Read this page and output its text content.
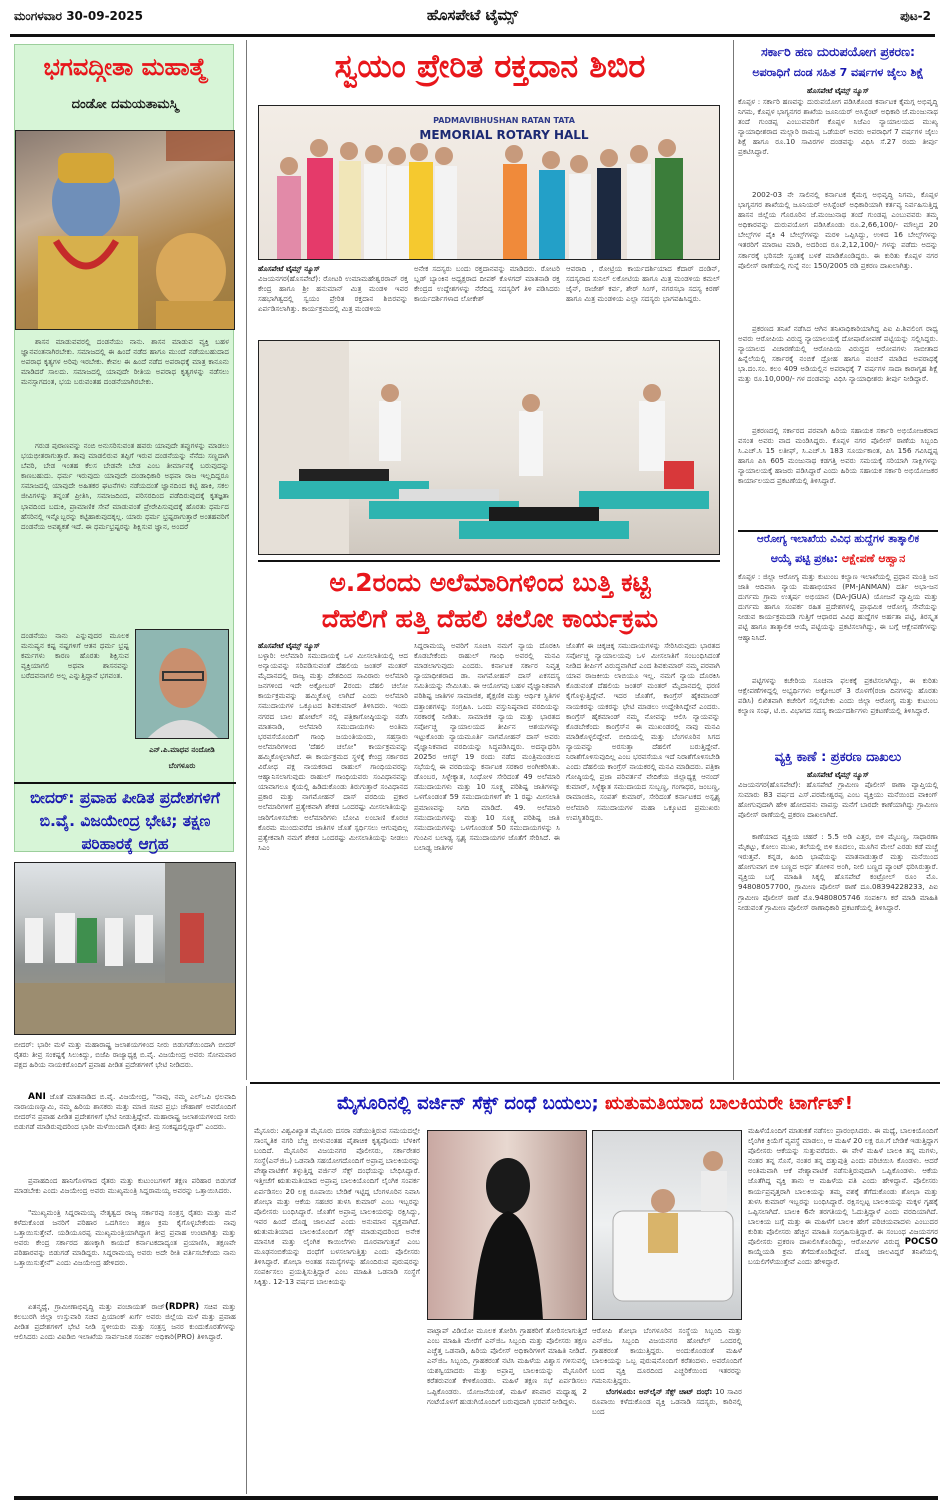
ಮಂಗಳವಾರ 30-09-2025	ಹೊಸಪೇಟೆ ಟೈಮ್ಸ್	ಪುಟ-2
ಭಗವದ್ಗೀತಾ ಮಹಾತ್ಮೆ
ದಂಡೋ ದಮಯತಾಮಸ್ಮಿ

ಶಾಸನ ಮಾಡುವವರಲ್ಲಿ ದಂಡನೆಯು ನಾನು. ಶಾಸನ ಮಾಡುವ ವ್ಯಕ್ತಿ ಬಹಳ ಜ್ಞಾನವಂತನಾಗಿರಬೇಕು. ಸಮಾಜದಲ್ಲಿ ಈ ಹಿಂದೆ ನಡೆದ ಹಾಗೂ ಮುಂದೆ ನಡೆಯಬಹುದಾದ ಅಪರಾಧ ಕೃತ್ಯಗಳ ಅರಿವು ಇರಬೇಕು. ಕೇವಲ ಈ ಹಿಂದೆ ನಡೆದ ಅಪರಾಧಕ್ಕೆ ಮಾತ್ರ ಕಾನೂನು ಮಾಡಿದರೆ ಸಾಲದು. ಸಮಾಜದಲ್ಲಿ ಯಾವುದೇ ರೀತಿಯ ಅಪರಾಧ ಕೃತ್ಯಗಳನ್ನು ನಡೆಸಲು ಮನಸ್ಸಾಗದಂತ, ಭಯ ಬರುವಂತಹ ದಂಡನೆಯಾಗಿರಬೇಕು.

ಗರುಡ ಪುರಾಣವನ್ನು ನಂಬಿ ಅನುಸರಿಸುವಂತ ಹವರು ಯಾವುದೇ ತಪ್ಪುಗಳನ್ನು ಮಾಡಲು ಭಯಭೀತರಾಗುತ್ತಾರೆ. ತಾವು ಮಾಡಲಿರುವ ತಪ್ಪಿಗೆ ಇರುವ ದಂಡನೆಯನ್ನು ನೆನೆದು ಸಣ್ಣದಾಗಿ ಬೆವರಿ, ಬೇಡ ಇಂತಹ ಕೆಲಸ ಬೇಡವೇ ಬೇಡ ಎಂಬ ತೀರ್ಮಾನಕ್ಕೆ ಬರುವುದನ್ನು ಕಾಣಬಹುದು. ಧರ್ಮ ಇರುವುದು ಯಾವುದೇ ದಂಡಾಧಿಕಾರಿ ಅಥವಾ ರಾಜ ಇಲ್ಲದಿದ್ದರೂ ಸಮಾಜದಲ್ಲಿ ಯಾವುದೇ ಅಹಿತಕರ ಘಟನೆಗಳು ನಡೆಯದಂತೆ ಜ್ಞಾನದಿಂದ ಕಟ್ಟಿ ಹಾಕಿ, ಸಕಲ ಜೀವಿಗಳನ್ನು ತನ್ನಂತೆ ಪ್ರೀತಿಸಿ, ಸಮಾಜದಿಂದ, ಪರಿಸರದಿಂದ ಪಡೆದಿರುವುದಕ್ಕೆ ಕೃತಜ್ಞತಾ ಭಾವದಿಂದ ಬದುಕಿ, ಪ್ರಾಮಾಣಿಕ ಸೇವೆ ಮಾಡುವಂತೆ ಪ್ರೇರೇಪಿಸುವುದಕ್ಕೆ ಹೊರತು ಧರ್ಮದ ಹೆಸರಿನಲ್ಲಿ ಇನ್ನೊಬ್ಬರನ್ನು ಕಟ್ಟಿಹಾಕುವುದಕ್ಕಲ್ಲ. ಯಾರು ಧರ್ಮ ಭ್ರಷ್ಟರಾಗುತ್ತಾರೆ ಅಂತಹವರಿಗೆ ದಂಡನೆಯ ಅವಶ್ಯಕತೆ ಇದೆ. ಈ ಧರ್ಮಭ್ರಷ್ಟರನ್ನು ಶಿಕ್ಷಿಸುವ ಜ್ಞಾನ, ಅಂದರೆ

ದಂಡನೆಯು ನಾನು ಎನ್ನುವುದರ ಮೂಲಕ ಮನುಷ್ಯನ ಕಷ್ಟ ನಷ್ಟಗಳಿಗೆ ಆತನ ಧರ್ಮ ಭ್ರಷ್ಟ ಕರ್ಮಗಳು ಕಾರಣ ಹೊರತು ಶಿಕ್ಷಿಸುವ ವ್ಯಕ್ತಿಯಾಗಲಿ ಅಥವಾ ಶಾಸನವನ್ನು ಬರೆದವನಾಗಲಿ ಅಲ್ಲ ಎನ್ನುತ್ತಿದ್ದಾನೆ ಭಗವಂತ.

ಎನ್.ಪಿ.ಮಾಧವ ನಂದೋಡಿ
ಬೆಂಗಳೂರು
ಬೀದರ್: ಪ್ರವಾಹ ಪೀಡಿತ ಪ್ರದೇಶಗಳಿಗೆ ಬಿ.ವೈ. ವಿಜಯೇಂದ್ರ ಭೇಟಿ; ತಕ್ಷಣ ಪರಿಹಾರಕ್ಕೆ ಆಗ್ರಹ

ಬೀದರ್: ಭಾರೀ ಮಳೆ ಮತ್ತು ಮಹಾರಾಷ್ಟ್ರ ಜಲಾಶಯಗಳಿಂದ ನೀರು ಬಿಡುಗಡೆಯಿಂದಾಗಿ ಬೀದರ್ ರೈತರು ತೀವ್ರ ಸಂಕಷ್ಟಕ್ಕೆ ಸಿಲುಕಿದ್ದು, ಬಿಜೆಪಿ ರಾಜ್ಯಾಧ್ಯಕ್ಷ ಬಿ.ವೈ. ವಿಜಯೇಂದ್ರ ಅವರು ಸೋಮವಾರ ಪಕ್ಷದ ಹಿರಿಯ ನಾಯಕರೊಂದಿಗೆ ಪ್ರವಾಹ ಪೀಡಿತ ಪ್ರದೇಶಗಳಿಗೆ ಭೇಟಿ ನೀಡಿದರು.

ANI ಜೊತೆ ಮಾತನಾಡಿದ ಬಿ.ವೈ. ವಿಜಯೇಂದ್ರ, "ನಾವು, ನಮ್ಮ ಎಲ್‌ಒಪಿ ಛಲವಾದಿ ನಾರಾಯಣಸ್ವಾಮಿ, ನಮ್ಮ ಹಿರಿಯ ಶಾಸಕರು ಮತ್ತು ಮಾಜಿ ಸಚಿವ ಪ್ರಭು ಚೌಹಾಣ್ ಅವರೊಂದಿಗೆ ಬೀದರ್‌ನ ಪ್ರವಾಹ ಪೀಡಿತ ಪ್ರದೇಶಗಳಿಗೆ ಭೇಟಿ ನೀಡುತ್ತಿದ್ದೇವೆ. ಮಹಾರಾಷ್ಟ್ರ ಜಲಾಶಯಗಳಿಂದ ನೀರು ಬಿಡುಗಡೆ ಮಾಡಿರುವುದರಿಂದ ಭಾರೀ ಮಳೆಯಿಂದಾಗಿ ರೈತರು ತೀವ್ರ ಸಂಕಷ್ಟದಲ್ಲಿದ್ದಾರೆ" ಎಂದರು.

ಪ್ರವಾಹದಿಂದ ಹಾನಿಗೊಳಗಾದ ರೈತರು ಮತ್ತು ಕುಟುಂಬಗಳಿಗೆ ತಕ್ಷಣ ಪರಿಹಾರ ಬಿಡುಗಡೆ ಮಾಡಬೇಕು ಎಂದು ವಿಜಯೇಂದ್ರ ಅವರು ಮುಖ್ಯಮಂತ್ರಿ ಸಿದ್ದರಾಮಯ್ಯ ಅವರನ್ನು ಒತ್ತಾಯಿಸಿದರು.

"ಮುಖ್ಯಮಂತ್ರಿ ಸಿದ್ದರಾಮಯ್ಯ ನೇತೃತ್ವದ ರಾಜ್ಯ ಸರ್ಕಾರವು ಸಂತ್ರಸ್ತ ರೈತರು ಮತ್ತು ಮನೆ ಕಳೆದುಕೊಂಡ ಜನರಿಗೆ ಪರಿಹಾರ ಒದಗಿಸಲು ತಕ್ಷಣ ಕ್ರಮ ಕೈಗೊಳ್ಳಬೇಕೆಂದು ನಾವು ಒತ್ತಾಯಿಸುತ್ತೇವೆ. ಯಡಿಯೂರಪ್ಪ ಮುಖ್ಯಮಂತ್ರಿಯಾಗಿದ್ದಾಗ ತೀವ್ರ ಪ್ರವಾಹ ಉಂಟಾಗಿತ್ತು ಮತ್ತು ಅವರು ಕೇಂದ್ರ ಸರ್ಕಾರದ ಹಣಕ್ಕಾಗಿ ಕಾಯದೆ ಕರ್ನಾಟಕದಾದ್ಯಂತ ಪ್ರಯಾಣಿಸಿ, ತಕ್ಷಣವೇ ಪರಿಹಾರವನ್ನು ಬಿಡುಗಡೆ ಮಾಡಿದ್ದರು. ಸಿದ್ದರಾಮಯ್ಯ ಅವರು ಅದೇ ರೀತಿ ವರ್ತಿಸಬೇಕೆಂದು ನಾನು ಒತ್ತಾಯಿಸುತ್ತೇನೆ" ಎಂದು ವಿಜಯೇಂದ್ರ ಹೇಳಿದರು.

ಏತನ್ಮಧ್ಯೆ, ಗ್ರಾಮೀಣಾಭಿವೃದ್ಧಿ ಮತ್ತು ಪಂಚಾಯತ್ ರಾಜ್(RDPR) ಸಚಿವ ಮತ್ತು ಕಲಬುರಗಿ ಜಿಲ್ಲಾ ಉಸ್ತುವಾರಿ ಸಚಿವ ಪ್ರಿಯಾಂಕ್ ಖರ್ಗೆ ಅವರು ಜಿಲ್ಲೆಯ ಮಳೆ ಮತ್ತು ಪ್ರವಾಹ ಪೀಡಿತ ಪ್ರದೇಶಗಳಿಗೆ ಭೇಟಿ ನೀಡಿ ಸ್ಥಳೀಯರು ಮತ್ತು ಸಂತ್ರಸ್ತ ಜನರ ಕುಂದುಕೊರತೆಗಳನ್ನು ಆಲಿಸಿದರು ಎಂದು ವಿಐಡಿಬಿ ಇಲಾಖೆಯ ಸಾರ್ವಜನಿಕ ಸಂಪರ್ಕ ಅಧಿಕಾರಿ(PRO) ತಿಳಿಸಿದ್ದಾರೆ.

ಸ್ವಯಂ ಪ್ರೇರಿತ ರಕ್ತದಾನ ಶಿಬಿರ
PADMAVIBHUSHAN RATAN TATA
MEMORIAL ROTARY HALL
ಹೊಸಪೇಟೆ ಟೈಮ್ಸ್ ನ್ಯೂಸ್

ವಿಜಯನಗರ(ಹೊಸಪೇಟೆ): ರೋಟರಿ ಉಮಾಮಹೇಶ್ವರರಾವ್ ರಕ್ತ ಕೇಂದ್ರ ಹಾಗೂ ಶ್ರೀ ಹನುಮಾನ್ ಮಿತ್ರ ಮಂಡಳಿ ಇವರ ಸಹಭಾಗಿತ್ವದಲ್ಲಿ ಸ್ವಯಂ ಪ್ರೇರಿತ ರಕ್ತದಾನ ಶಿಬಿರವನ್ನು ಏರ್ಪಡಿಸಲಾಗಿತ್ತು. ಕಾರ್ಯಕ್ರಮದಲ್ಲಿ ಮಿತ್ರ ಮಂಡಳಿಯ

ಅನೇಕ ಸದಸ್ಯರು ಬಂದು ರಕ್ತದಾನವನ್ನು ಮಾಡಿದರು. ರೋಟರಿ ಬ್ಲಡ್ ಬ್ಯಾಂಕಿನ ಅಧ್ಯಕ್ಷರಾದ ದೀಪಕ್ ಕೊಳಗದ್ ಮಾತನಾಡಿ ರಕ್ತ ಕೇಂದ್ರದ ಉದ್ದೇಶಗಳನ್ನು ನೆರೆದಿದ್ದ ಸದಸ್ಯರಿಗೆ ತಿಳಿ ಪಡಿಸಿದರು ಕಾರ್ಯದರ್ಶಿಗಳಾದ ಲೋಕೇಶ್

ಆವರಾದಿ , ರೋಟ್ರಿಯ ಕಾರ್ಯದರ್ಶಿಯಾದ ಕೆದಾರ್ ದಂಡಿನ್, ಸದಸ್ಯರಾದ ಸುನಿಲ್ ಲಕೋಟಿಯ ಹಾಗೂ ಮಿತ್ರ ಮಂಡಳಿಯ ಕಮಲ್ ಜೈನ್, ರಾಜೇಶ್ ಕರ್ವ, ಶೇರ್ ಸಿಂಗ್, ನಗರಸಭಾ ಸದಸ್ಯ ಕಿರಣ್ ಹಾಗೂ ಮಿತ್ರ ಮಂಡಳಿಯ ಎಲ್ಲಾ ಸದಸ್ಯರು ಭಾಗವಹಿಸಿದ್ದರು.

ಅ.2ರಂದು ಅಲೆಮಾರಿಗಳಿಂದ ಬುತ್ತಿ ಕಟ್ಟಿ
ದೆಹಲಿಗೆ ಹತ್ತಿ ದೆಹಲಿ ಚಲೋ ಕಾರ್ಯಕ್ರಮ
ಹೊಸಪೇಟೆ ಟೈಮ್ಸ್ ನ್ಯೂಸ್

ಬಳ್ಳಾರಿ: ಅಲೆಮಾರಿ ಸಮುದಾಯಕ್ಕೆ ಒಳ ಮೀಸಲಾತಿಯಲ್ಲಿ ಆದ ಅನ್ಯಾಯವನ್ನು ಸರಿಪಡಿಸುವಂತೆ ದೆಹಲಿಯ ಜಂತರ್ ಮಂತರ್ ಮೈದಾನದಲ್ಲಿ ರಾಜ್ಯ ಮತ್ತು ದೇಶದಿಂದ ಸಾವಿರಾರು ಅಲೆಮಾರಿ ಜನಗಳಿಂದ ಇದೇ ಅಕ್ಟೋಬರ್ 2ರಂದು ದೆಹಲಿ ಚಲೋ ಕಾರ್ಯಕ್ರಮವನ್ನು ಹಮ್ಮಿಕೊಳ್ಳ ಲಾಗಿದೆ ಎಂದು ಅಲೆಮಾರಿ ಸಮುದಾಯಗಳ ಒಕ್ಕೂಟದ ಶಿವಕುಮಾರ್ ತಿಳಿಸಿದರು. ಇಂದು ನಗರದ ಬಾಲ ಹೋಟೆಲ್ ನಲ್ಲಿ ಪತ್ರಿಕಾಗೋಷ್ಠಿಯನ್ನು ನಡೆಸಿ ಮಾತನಾಡಿ, ಅಲೆಮಾರಿ ಸಮುದಾಯಗಳು ಅಂತಿಮ ಭರವಸೆಯೊಂದಿಗೆ' ಗಾಂಧಿ ಜಯಂತಿಯಂದು, ಸಹಸ್ರಾರು ಅಲೆಮಾರಿಗಳಿಂದ 'ದೆಹಲಿ ಚಲೋ" ಕಾರ್ಯಕ್ರಮವನ್ನು ಹಮ್ಮಿಕೊಳ್ಳಲಾಗಿದೆ. ಈ ಕಾರ್ಯಕ್ರಮದ ಸ್ಥಳಕ್ಕೆ ಕೇಂದ್ರ ಸರ್ಕಾರದ ವಿರೋಧ ಪಕ್ಷ ನಾಯಕರಾದ ರಾಹುಲ್ ಗಾಂಧಿಯವರನ್ನು ಆಹ್ವಾನಿಸಲಾಗುವುದು ರಾಹುಲ್ ಗಾಂಧಿಯವರು ಸಂವಿಧಾನವನ್ನು ಯಾವಾಗಲೂ ಕೈಯಲ್ಲಿ ಹಿಡಿದುಕೊಂಡು ತಿರುಗುತ್ತಾರೆ ಸಂವಿಧಾನದ ಪ್ರಕಾರ ಮತ್ತು ನಾಗಮೋಹನ್ ದಾಸ್ ವರದಿಯ ಪ್ರಕಾರ ಅಲೆಮಾರಿಗಳಿಗೆ ಪ್ರತ್ಯೇಕವಾಗಿ ಶೇಕಡ ಒಂದರಷ್ಟು ಮೀಸಲಾತಿಯನ್ನು ಜಾರಿಗೊಳಿಸಬೇಕು ಅಲೆಮಾರಿಗಳು ಬೋವಿ ಲಂಬಾಣಿ ಕೊರಚ ಕೊರಮ ಮುಂದುವರೆದ ಜಾತಿಗಳ ಜೊತೆ ಸ್ಪರ್ಧಿಸಲು ಆಗುವುದಿಲ್ಲ ಪ್ರತ್ಯೇಕವಾಗಿ ನಮಗೆ ಶೇಕಡ ಒಂದರಷ್ಟು ಮೀಸಲಾತಿಯನ್ನು ನೀಡಲು ಸಿಎಂ

ಸಿದ್ದರಾಮಯ್ಯ ಅವರಿಗೆ ಸೂಚಿಸಿ ನಮಗೆ ನ್ಯಾಯ ದೊರಕಿಸಿ ಕೊಡಬೇಕೆಂದು ರಾಹುಲ್ ಗಾಂಧಿ ಅವರಲ್ಲಿ ಮನವಿ ಮಾಡಲಾಗುವುದು ಎಂದರು. ಕರ್ನಾಟಕ ಸರ್ಕಾರ ನಿವೃತ್ತ ನ್ಯಾಯಾಧೀಶರಾದ ಡಾ. ನಾಗಮೋಹನ್ ದಾಸ್ ಏಕಸದಸ್ಯ ಸಮಿತಿಯನ್ನು ನೇಮಿಸಿತು. ಈ ಆಯೋಗವು ಬಹಳ ವೈಜ್ಞಾನಿಕವಾಗಿ ಪರಿಶಿಷ್ಟ ಜಾತಿಗಳ ಸಾಮಾಜಿಕ, ಶೈಕ್ಷಣಿಕ ಮತ್ತು ಆರ್ಥಿಕ ಸ್ಥಿತಿಗಳ ದತ್ತಾಂಶಗಳನ್ನು ಸಂಗ್ರಹಿಸಿ. ಒಂದು ವಸ್ತುನಿಷ್ಠವಾದ ವರದಿಯನ್ನು ಸರಕಾರಕ್ಕೆ ನೀಡಿತು. ಸಾಮಾಜಿಕ ನ್ಯಾಯ ಮತ್ತು ಭಾರತದ ಸರ್ವೋಚ್ಚ ನ್ಯಾಯಾಲಯದ ತೀರ್ಪಿನ ಆಶಯಗಳನ್ನು ಇಟ್ಟುಕೊಂಡು ನ್ಯಾಯಮೂರ್ತಿ ನಾಗಮೋಹನ್ ದಾಸ್ ಅವರು ವೈಜ್ಞಾನಿಕವಾದ ವರದಿಯನ್ನು ಸಿದ್ಧಪಡಿಸಿದ್ದರು. ಅದನ್ನಾಧರಿಸಿ 2025ರ ಆಗಸ್ಟ್ 19 ರಂದು ನಡೆದ ಮಂತ್ರಿಮಂಡಲದ ಸಭೆಯಲ್ಲಿ ಈ ವರದಿಯನ್ನು ಕರ್ನಾಟಕ ಸರಕಾರ ಅಂಗೀಕರಿಸಿತು. ಡೊಂಬರ, ಸಿಳ್ಳೇಕ್ಯಾತ, ಸಿಂಧೋಳ ಸೇರಿದಂತೆ 49 ಅಲೆಮಾರಿ ಸಮುದಾಯಗಳು ಮತ್ತು 10 ಸೂಕ್ಷ್ಮ ಪರಿಶಿಷ್ಟ ಜಾತಿಗಳನ್ನು ಒಳಗೊಂಡಂತೆ 59 ಸಮುದಾಯಗಳಿಗೆ ಶೇ 1 ರಷ್ಟು ಮೀಸಲಾತಿ ಪ್ರಮಾಣವನ್ನು ನಿಗದಿ ಮಾಡಿದೆ. 49. ಅಲೆಮಾರಿ ಸಮುದಾಯಗಳನ್ನು ಮತ್ತು 10 ಸೂಕ್ಷ್ಮ ಪರಿಶಿಷ್ಟ ಜಾತಿ ಸಮುದಾಯಗಳನ್ನು ಒಳಗೊಂಡಂತೆ 50 ಸಮುದಾಯಗಳನ್ನು ಸಿ ಗುಂಪಿನ ಬಲಾಢ್ಯ ಸ್ಪೃಶ್ಯ ಸಮುದಾಯಗಳ ಜೊತೆಗೆ ಸೇರಿಸಿದೆ. ಈ ಬಲಾಢ್ಯ ಜಾತಿಗಳ

ಜೊತೆಗೆ ಈ ಚಿಕ್ಕಚಿಕ್ಕ ಸಮುದಾಯಗಳನ್ನು ಸೇರಿಸಿರುವುದು ಭಾರತದ ಸರ್ವೋಚ್ಚ ನ್ಯಾಯಾಲಯವು ಒಳ ಮೀಸಲಾತಿಗೆ ಸಂಬಂಧಿಸಿದಂತೆ ನೀಡಿದ ತೀರ್ಪಿಗೆ ವಿರುದ್ಧವಾಗಿದೆ ಎಂದ ಶಿವಕುಮಾರ್ ನಮ್ಮ ಪರವಾಗಿ ಯಾವ ರಾಜಕೀಯ ಲಾಬಿಯೂ ಇಲ್ಲ. ನಮಗೆ ನ್ಯಾಯ ದೊರಕಿಸಿ ಕೊಡುವಂತೆ ದೆಹಲಿಯ ಜಂತರ್ ಮಂತರ್ ಮೈದಾನದಲ್ಲಿ ಧರಣಿ ಕೈಗೊಳ್ಳುತ್ತಿದ್ದೇವೆ. ಇದರ ಜೊತೆಗೆ, ಕಾಂಗ್ರೆಸ್ ಹೈಕಮಾಂಡ್ ನಾಯಕರನ್ನು ಯಕರನ್ನು ಭೇಟಿ ಮಾಡಲು ಉದ್ದೇಶಿಸಿದ್ದೇವೆ ಎಂದರು. ಕಾಂಗ್ರೆಸ್ ಹೈಕಮಾಂಡ್ ನಮ್ಮ ನೋವನ್ನು ಆಲಿಸಿ ನ್ಯಾಯವನ್ನು ಕೊಡಬೇಕೆಂದು ಕಾಂಗ್ರೆಸ್‌ನ ಈ ಮುಖಂಡರಲ್ಲಿ ನಾವು ಮನವಿ ಮಾಡಿಕೊಳ್ಳಲಿದ್ದೇವೆ. ಬೀದಿಯಲ್ಲಿ ಮತ್ತು ಬೆಂಗಳೂರಿನ ಸಿಗದ ನ್ಯಾಯವನ್ನು ಅರಸುತ್ತಾ ದೆಹಲಿಗೆ ಬರುತ್ತಿದ್ದೇವೆ. ನಿರಾಶೆಗೊಳಿಸುವುದಿಲ್ಲ ಎಂಬ ಭರವಸೆಯೂ ಇದೆ ನಿರಾಶೆಗೊಳಿಸಬೇಡಿ ಎಂದು ದೆಹಲಿಯ ಕಾಂಗ್ರೆಸ್ ನಾಯಕರಲ್ಲಿ ಮನವಿ ಮಾಡಿದರು. ಪತ್ರಿಕಾ ಗೋಷ್ಠಿಯಲ್ಲಿ ಪ್ರಜಾ ಪರಿವರ್ತನೆ ವೇದಿಕೆಯ ಜಿಲ್ಲಾಧ್ಯಕ್ಷ ಆನಂದ್ ಕುಮಾರ್, ಸಿಳ್ಳೆಕ್ಯಾತ ಸಮುದಾಯದ ಸುಬ್ಬಣ್ಣ, ಗಂಗಾಧರ, ಜಂಬಣ್ಣ, ರಾಮಾಂಜಿನಿ, ಸಂಪತ್ ಕುಮಾರ್, ಸೇರಿದಂತೆ ಕರ್ನಾಟಕದ ಅಸ್ಪೃಶ್ಯ ಅಲೆಮಾರಿ ಸಮುದಾಯಗಳ ಮಹಾ ಒಕ್ಕೂಟದ ಪ್ರಮುಖರು ಉಪಸ್ಥಿತರಿದ್ದರು.

ಸರ್ಕಾರಿ ಹಣ ದುರುಪಯೋಗ ಪ್ರಕರಣ:
ಅಪರಾಧಿಗೆ ದಂಡ ಸಹಿತ 7 ವರ್ಷಗಳ ಜೈಲು ಶಿಕ್ಷೆ
ಹೊಸಪೇಟೆ ಟೈಮ್ಸ್ ನ್ಯೂಸ್

ಕೊಪ್ಪಳ : ಸರ್ಕಾರಿ ಹಣವನ್ನು ದುರುಪಯೋಗ ಪಡಿಸಿಕೊಂಡ ಕರ್ನಾಟಕ ಕೈಮಗ್ಗ ಅಭಿವೃದ್ಧಿ ನಿಗಮ, ಕೊಪ್ಪಳ ಭಾಗ್ಯನಗರ ಶಾಖೆಯ ಜೂನಿಯರ್ ಅಸಿಸ್ಟೆಂಟ್ ಅಧಿಕಾರಿ ಜೆ.ಮಂಜುನಾಥ ತಂದೆ ಗುಂಡಪ್ಪ ಎಂಬುವವರಿಗೆ ಕೊಪ್ಪಳ ಸಿಜೆಎಂ ನ್ಯಾಯಾಲಯದ ಮುಖ್ಯ ನ್ಯಾಯಾಧೀಶರಾದ ಮಲ್ಲಾರಿ ರಾಮಪ್ಪ ಒಡೆಯರ್ ಅವರು ಅಪರಾಧಿಗೆ 7 ವರ್ಷಗಳ ಜೈಲು ಶಿಕ್ಷೆ ಹಾಗೂ ರೂ.10 ಸಾವಿರಗಳ ದಂಡವನ್ನು ವಿಧಿಸಿ ಸೆ.27 ರಂದು ತೀರ್ಪು ಪ್ರಕಟಿಸಿದ್ದಾರೆ.

2002-03 ನೇ ಸಾಲಿನಲ್ಲಿ ಕರ್ನಾಟಕ ಕೈಮಗ್ಗ ಅಭಿವೃದ್ಧಿ ನಿಗಮ, ಕೊಪ್ಪಳ ಭಾಗ್ಯನಗರ ಶಾಖೆಯಲ್ಲಿ ಜೂನಿಯರ್ ಅಸಿಸ್ಟೆಂಟ್ ಅಧಿಕಾರಿಯಾಗಿ ಕರ್ತವ್ಯ ನಿರ್ವಹಿಸುತ್ತಿದ್ದ ಹಾಸನ ಜಿಲ್ಲೆಯ ಗೊರೂರಿನ ಜೆ.ಮಂಜುನಾಥ ತಂದೆ ಗುಂಡಪ್ಪ ಎಂಬುವವರು ತಮ್ಮ ಅಧಿಕಾರವನ್ನು ದುರುಪಯೋಗ ಪಡಿಸಿಕೊಂಡು ರೂ.2,66,100/- ಮೌಲ್ಯದ 20 ಬೇಲ್ಸ್‌ಗಳ ಪೈಕಿ 4 ಬೇಲ್ಸ್‌ಗಳನ್ನು ಮರಳಿ ಒಪ್ಪಿಸಿದ್ದು, ಉಳಿದ 16 ಬೇಲ್ಸ್‌ಗಳನ್ನು ಇತರರಿಗೆ ಮಾರಾಟ ಮಾಡಿ, ಅದರಿಂದ ರೂ.2,12,100/- ಗಳನ್ನು ಪಡೆದು ಅದನ್ನು ಸರ್ಕಾರಕ್ಕೆ ಭರಿಸದೇ ಸ್ವಂತಕ್ಕೆ ಬಳಕೆ ಮಾಡಿಕೊಂಡಿದ್ದರು. ಈ ಕುರಿತು ಕೊಪ್ಪಳ ನಗರ ಪೊಲೀಸ್ ಠಾಣೆಯಲ್ಲಿ ಗುನ್ನೆ ನಂ: 150/2005 ರಡಿ ಪ್ರಕರಣ ದಾಖಲಾಗಿತ್ತು.

ಪ್ರಕರಣದ ತನಿಖೆ ನಡೆಸಿದ ಆಗಿನ ತನಿಖಾಧಿಕಾರಿಯಾಗಿದ್ದ ಪಿಐ ಪಿ.ಶಿವಲಿಂಗ ರಾಧ್ಯ ಅವರು ಆರೋಪಿಯ ವಿರುದ್ಧ ನ್ಯಾಯಾಲಯಕ್ಕೆ ದೋಷಾರೋಪಣೆ ಪಟ್ಟಿಯನ್ನು ಸಲ್ಲಿಸಿದ್ದರು. ನ್ಯಾಯಾಲದ ವಿಚಾರಣೆಯಲ್ಲಿ ಆರೋಪಿಯ ವಿರುದ್ಧದ ಆರೋಪಗಳು ಸಾಬೀತಾದ ಹಿನ್ನೆಲೆಯಲ್ಲಿ ಸರ್ಕಾರಕ್ಕೆ ನಂಬಿಕೆ ದ್ರೋಹ ಹಾಗೂ ವಂಚನೆ ಮಾಡಿದ ಅಪರಾಧಕ್ಕೆ ಭಾ.ದಂ.ಸಂ. ಕಲಂ 409 ಅಡಿಯಲ್ಲಿನ ಅಪರಾಧಕ್ಕೆ 7 ವರ್ಷಗಳ ಸಾದಾ ಕಾರಾಗೃಹ ಶಿಕ್ಷೆ ಮತ್ತು ರೂ.10,000/- ಗಳ ದಂಡವನ್ನು ವಿಧಿಸಿ ನ್ಯಾಯಾಧೀಶರು ತೀರ್ಪು ನೀಡಿದ್ದಾರೆ.

ಪ್ರಕರಣದಲ್ಲಿ ಸರ್ಕಾರದ ಪರವಾಗಿ ಹಿರಿಯ ಸಹಾಯಕ ಸರ್ಕಾರಿ ಅಭಿಯೋಜಕರಾದ ವಸಂತ ಅವರು ವಾದ ಮಂಡಿಸಿದ್ದರು. ಕೊಪ್ಪಳ ನಗರ ಪೊಲೀಸ್ ಠಾಣೆಯ ಸಿಬ್ಬಂದಿ ಸಿ.ಎಚ್.ಸಿ 15 ಲತೀಫ್, ಸಿ.ಎಚ್.ಸಿ 183 ಸೂರ್ಯಕಾಂತ, ಪಿಸಿ 156 ಗವಿಸಿದ್ದಪ್ಪ ಹಾಗೂ ಪಿಸಿ 605 ಮಂಜುನಾಥ ಕಡಗತ್ತಿ ಅವರು ಸಮಯಕ್ಕೆ ಸರಿಯಾಗಿ ಸಾಕ್ಷಿಗಳನ್ನು ನ್ಯಾಯಾಲಯಕ್ಕೆ ಹಾಜರು ಪಡಿಸಿದ್ದಾರೆ ಎಂದು ಹಿರಿಯ ಸಹಾಯಕ ಸರ್ಕಾರಿ ಅಭಿಯೋಜಕರ ಕಾರ್ಯಾಲಯದ ಪ್ರಕಟಣೆಯಲ್ಲಿ ತಿಳಿಸಿದ್ದಾರೆ.

ಆರೋಗ್ಯ ಇಲಾಖೆಯ ವಿವಿಧ ಹುದ್ದೆಗಳ ತಾತ್ಕಾಲಿಕ
ಆಯ್ಕೆ ಪಟ್ಟಿ ಪ್ರಕಟ: ಆಕ್ಷೇಪಣೆ ಆಹ್ವಾನ

ಕೊಪ್ಪಳ : ಜಿಲ್ಲಾ ಆರೋಗ್ಯ ಮತ್ತು ಕುಟುಂಬ ಕಲ್ಯಾಣ ಇಲಾಖೆಯಲ್ಲಿ ಪ್ರಧಾನ ಮಂತ್ರಿ ಜನ ಜಾತಿ ಆದಿವಾಸಿ ನ್ಯಾಯ ಮಹಾಭಿಯಾನ (PM-JANMAN) ದರ್ತಿ ಅಭಾ-ಜನ ದುರ್ಗಮ ಗ್ರಾಮ ಉತ್ಕರ್ಷ ಅಭಿಯಾನ (DA-JGUA) ಯೋಜನೆ ವ್ಯಾಪ್ತಿಯ ಮತ್ತು ದುರ್ಗಮ ಹಾಗೂ ಸಂಪರ್ಕ ರಹಿತ ಪ್ರದೇಶಗಳಲ್ಲಿ ಪ್ರಾಥಮಿಕ ಆರೋಗ್ಯ ಸೇವೆಯನ್ನು ನೀಡುವ ಕಾರ್ಯಕ್ರಮದಡಿ ಗುತ್ತಿಗೆ ಆಧಾರದ ವಿವಿಧ ಹುದ್ದೆಗಳ ಅರ್ಹತಾ ಪಟ್ಟಿ, ತಿರಸ್ಕೃತ ಪಟ್ಟಿ ಹಾಗೂ ತಾತ್ಕಾಲಿಕ ಆಯ್ಕೆ ಪಟ್ಟಿಯನ್ನು ಪ್ರಕಟಿಸಲಾಗಿದ್ದು, ಈ ಬಗ್ಗೆ ಆಕ್ಷೇಪಣೆಗಳನ್ನು ಆಹ್ವಾನಿಸಿದೆ.

ಪಟ್ಟಿಗಳನ್ನು ಕಚೇರಿಯ ಸೂಚನಾ ಫಲಕಕ್ಕೆ ಪ್ರಕಟಿಸಲಾಗಿದ್ದು, ಈ ಕುರಿತು ಆಕ್ಷೇಪಣೆಗಳಿದ್ದಲ್ಲಿ ಅಭ್ಯರ್ಥಿಗಳು ಅಕ್ಟೋಬರ್ 3 ರೊಳಗೆ(ರಜಾ ದಿನಗಳನ್ನು ಹೊರತು ಪಡಿಸಿ) ಲಿಖಿತವಾಗಿ ಕಚೇರಿಗೆ ಸಲ್ಲಿಸಬೇಕು ಎಂದು ಜಿಲ್ಲಾ ಆರೋಗ್ಯ ಮತ್ತು ಕುಟುಂಬ ಕಲ್ಯಾಣ ಸಂಘ, ಟಿ.ಬಿ. ವಿಭಾಗದ ಸದಸ್ಯ ಕಾರ್ಯದರ್ಶಿಗಳು ಪ್ರಕಟಣೆಯಲ್ಲಿ ತಿಳಿಸಿದ್ದಾರೆ.

ವ್ಯಕ್ತಿ ಕಾಣೆ : ಪ್ರಕರಣ ದಾಖಲು
ಹೊಸಪೇಟೆ ಟೈಮ್ಸ್ ನ್ಯೂಸ್

ವಿಜಯನಗರ(ಹೊಸಪೇಟೆ): ಹೊಸಪೇಟೆ ಗ್ರಾಮೀಣ ಪೊಲೀಸ್ ಠಾಣಾ ವ್ಯಾಪ್ತಿಯಲ್ಲಿ ಸುಮಾರು 83 ವರ್ಷದ ಎಸ್.ಪರಮೇಶ್ವರಪ್ಪ ಎಂಬ ವ್ಯಕ್ತಿಯು ಮನೆಯಿಂದ ವಾಕಿಂಗ್ ಹೋಗುವುದಾಗಿ ಹೇಳಿ ಹೋದವನು ವಾಪಸ್ಸು ಮನೆಗೆ ಬಾರದೇ ಕಾಣೆಯಾಗಿದ್ದು ಗ್ರಾಮೀಣ ಪೊಲೀಸ್ ಠಾಣೆಯಲ್ಲಿ ಪ್ರಕರಣ ದಾಖಲಾಗಿದೆ.

ಕಾಣೆಯಾದ ವ್ಯಕ್ತಿಯ ಚಹರೆ : 5.5 ಅಡಿ ಎತ್ತರ, ಬಿಳಿ ಮೈಬಣ್ಣ, ಸಾಧಾರಣಾ ಮೈಕಟ್ಟು, ಕೋಲು ಮುಖ, ತಲೆಯಲ್ಲಿ ಬಿಳಿ ಕೂದಲು, ಮೂಗಿನ ಮೇಲೆ ಎರಡು ಕಡೆ ಮಚ್ಚೆ ಇರುತ್ತವೆ. ಕನ್ನಡ, ಹಿಂದಿ ಭಾಷೆಯನ್ನು ಮಾತನಾಡುತ್ತಾರೆ ಮತ್ತು ಮನೆಯಿಂದ ಹೋಗುವಾಗ ಬಿಳಿ ಬಣ್ಣದ ಅರ್ಧ ತೋಳಿನ ಅಂಗಿ, ನೀಲಿ ಬಣ್ಣದ ಪ್ಯಾಂಟ್ ಧರಿಸಿರುತ್ತಾರೆ. ವ್ಯಕ್ತಿಯ ಬಗ್ಗೆ ಮಾಹಿತಿ ಸಿಕ್ಕಲ್ಲಿ ಹೊಸಪೇಟೆ ಕಂಟ್ರೋಲ್ ರೂಂ ಮೊ. 94808057700, ಗ್ರಾಮೀಣ ಪೊಲೀಸ್ ಠಾಣೆ ದೂ.08394228233, ಪಿಐ ಗ್ರಾಮೀಣ ಪೊಲೀಸ್ ಠಾಣೆ ಮೊ.9480805746 ಸಂಪರ್ಕಿಸಿ ಕರೆ ಮಾಡಿ ಮಾಹಿತಿ ನೀಡುವಂತೆ ಗ್ರಾಮೀಣ ಪೊಲೀಸ್ ಠಾಣಾಧಿಕಾರಿ ಪ್ರಕಟಣೆಯಲ್ಲಿ ತಿಳಿಸಿದ್ದಾರೆ.

ಮೈಸೂರಿನಲ್ಲಿ ವರ್ಜಿನ್ ಸೆಕ್ಸ್ ದಂಧೆ ಬಯಲು; ಋತುಮತಿಯಾದ ಬಾಲಕಿಯರೇ ಟಾರ್ಗೆಟ್!

ಮೈಸೂರು: ವಿಶ್ವವಿಖ್ಯಾತ ಮೈಸೂರು ದಸರಾ ನಡೆಯುತ್ತಿರುವ ಸಮಯದಲ್ಲೇ ಸಾಂಸ್ಕೃತಿಕ ನಗರಿ ಬೆಚ್ಚಿ ಬೀಳುವಂತಹ ಪೈಶಾಚಿಕ ಕೃತ್ಯವೊಂದು ಬೆಳಕಿಗೆ ಬಂದಿದೆ. ಮೈಸೂರಿನ ವಿಜಯನಗರ ಪೊಲೀಸರು, ಸರ್ಕಾರೇತರ ಸಂಸ್ಥೆ(ಎನ್‌ಜಿಒ) ಒಡನಾಡಿ ಸಹಯೋಗದೊಂದಿಗೆ ಅಪ್ರಾಪ್ತ ಬಾಲಕಿಯರನ್ನು ವೇಶ್ಯಾವಾಟಿಕೆಗೆ ತಳ್ಳುತ್ತಿದ್ದ ವರ್ಜಿನ್ ಸೆಕ್ಸ್ ದಂಧೆಯನ್ನು ಬೇಧಿಸಿದ್ದಾರೆ. ಇತ್ತೀಚೆಗೆ ಋತುಮತಿಯಾದ ಅಪ್ರಾಪ್ತ ಬಾಲಕಿಯೊಂದಿಗೆ ಲೈಂಗಿಕ ಸಂಪರ್ಕ ಏರ್ಪಡಿಸಲು 20 ಲಕ್ಷ ರೂಪಾಯಿ ಬೇಡಿಕೆ ಇಟ್ಟಿದ್ದ ಬೆಂಗಳೂರಿನ ನಿವಾಸಿ ಶೋಭಾ ಮತ್ತು ಆಕೆಯ ಸಹಚರ ತುಳಸಿ ಕುಮಾರ್ ಎಂಬ ಇಬ್ಬರನ್ನು ಪೊಲೀಸರು ಬಂಧಿಸಿದ್ದಾರೆ. ಜೊತೆಗೆ ಅಪ್ರಾಪ್ತ ಬಾಲಕಿಯರನ್ನು ರಕ್ಷಿಸಿದ್ದು, ಇವರ ಹಿಂದೆ ದೊಡ್ಡ ಜಾಲವಿದೆ ಎಂದು ಅನುಮಾನ ವ್ಯಕ್ತವಾಗಿದೆ. ಋತುಮತಿಯಾದ ಬಾಲಕಿಯೊಂದಿಗೆ ಸೆಕ್ಸ್ ಮಾಡುವುದರಿಂದ ಅನೇಕ ಮಾನಸಿಕ ಮತ್ತು ಲೈಂಗಿಕ ಕಾಯಿಲೆಗಳು ದೂರವಾಗುತ್ತವೆ ಎಂಬ ಮೂಢನಂಬಿಕೆಯನ್ನು ದಂಧೆಗೆ ಬಳಸಲಾಗುತ್ತಿತ್ತು ಎಂದು ಪೊಲೀಸರು ತಿಳಿಸಿದ್ದಾರೆ. ಶೋಭಾ ಅಂತಹ ಸಮಸ್ಯೆಗಳನ್ನು ಹೊಂದಿರುವ ಪುರುಷರನ್ನು ಸಂಪರ್ಕಿಸಲು ಪ್ರಯತ್ನಿಸುತ್ತಿದ್ದಾರೆ ಎಂಬ ಮಾಹಿತಿ ಒಡನಾಡಿ ಸಂಸ್ಥೆಗೆ ಸಿಕ್ಕಿತ್ತು. 12-13 ವರ್ಷದ ಬಾಲಕಿಯನ್ನು

ವಾಟ್ಸಾಪ್ ವಿಡಿಯೋ ಮೂಲಕ ತೋರಿಸಿ ಗ್ರಾಹಕರಿಗೆ ತೋರಿಸಲಾಗುತ್ತಿದೆ ಎಂಬ ಮಾಹಿತಿ ಮೇರೆಗೆ ಎನ್‌ಜಿಒ ಸಿಬ್ಬಂದಿ ಮತ್ತು ಪೊಲೀಸರು ತಕ್ಷಣ ಎಚ್ಚೆತ್ತ ಒಡನಾಡಿ, ಹಿರಿಯ ಪೊಲೀಸ್ ಅಧಿಕಾರಿಗಳಿಗೆ ಮಾಹಿತಿ ನೀಡಿದೆ. ಎನ್‌ಜಿಒ ಸಿಬ್ಬಂದಿ, ಗ್ರಾಹಕರಂತೆ ನಟಿಸಿ ಮಹಿಳೆಯ ವಿಶ್ವಾಸ ಗಳಿಸುವಲ್ಲಿ ಯಶಸ್ವಿಯಾದರು ಮತ್ತು ಅಪ್ರಾಪ್ತ ಬಾಲಕಿಯನ್ನು ಮೈಸೂರಿಗೆ ಕರೆತರುವಂತೆ ಕೇಳಿಕೊಂಡರು. ಮಹಿಳೆ ತಕ್ಷಣ ಸಭೆ ಏರ್ಪಡಿಸಲು ಒಪ್ಪಿಕೊಂಡರು. ಯೋಜನೆಯಂತೆ, ಮಹಿಳೆ ಶನಿವಾರ ಮಧ್ಯಾಹ್ನ 2 ಗಂಟೆಯೊಳಗೆ ಹುಡುಗಿಯೊಂದಿಗೆ ಬರುವುದಾಗಿ ಭರವಸೆ ನೀಡಿದ್ದಳು.

ಆರೋಪಿ ಶೋಭಾ ಬೆಂಗಳೂರಿನ ಸಂಸ್ಥೆಯ ಸಿಬ್ಬಂದಿ ಮತ್ತು ಎನ್‌ಜಿಒ ಸಿಬ್ಬಂದಿ ವಿಜಯನಗರ ಹೋಟೆಲ್ ಒಂದರಲ್ಲಿ ಗ್ರಾಹಕರಂತೆ ಕಾಯುತ್ತಿದ್ದರು. ಅಂದುಕೊಂಡಂತೆ ಮಹಿಳೆ ಬಾಲಕಿಯನ್ನು ಒಬ್ಬ ಪುರುಷನೊಂದಿಗೆ ಕರೆತಂದಳು. ಅವರೊಂದಿಗೆ ಬಂದ ವ್ಯಕ್ತಿ ದೂರದಿಂದ ಎಚ್ಚರಿಕೆಯಿಂದ ಇತರರನ್ನು ಗಮನಿಸುತ್ತಿದ್ದರು.

ಬೆಂಗಳೂರು: ಆನ್‌ಲೈನ್ ಸೆಕ್ಸ್ ಚಾಟ್ ದಂಧೆ: 10 ಸಾವಿರ ರೂಪಾಯಿ ಕಳೆದುಕೊಂಡ ವ್ಯಕ್ತಿ ಒಡನಾಡಿ ಸದಸ್ಯರು, ಕಾರಿನಲ್ಲಿ ಬಂದ

ಮಹಿಳೆಯೊಂದಿಗೆ ಮಾತುಕತೆ ನಡೆಸಲು ಪ್ರಾರಂಭಿಸಿದರು. ಈ ಮಧ್ಯೆ, ಬಾಲಕಿಯೊಂದಿಗೆ ಲೈಂಗಿಕ ಕ್ರಿಯೆಗೆ ವ್ಯವಸ್ಥೆ ಮಾಡಲು, ಆ ಮಹಿಳೆ 20 ಲಕ್ಷ ರೂ.ಗೆ ಬೇಡಿಕೆ ಇಡುತ್ತಿದ್ದಾಗ ಪೊಲೀಸರು ಆಕೆಯನ್ನು ಸುತ್ತುವರೆದರು. ಈ ವೇಳೆ ಮಹಿಳೆ ಬಾಲಕಿ ತನ್ನ ಮಗಳು, ನಂತರ ತನ್ನ ಸೊಸೆ, ನಂತರ ತನ್ನ ದತ್ತುಪುತ್ರಿ ಎಂದು ಪರಿಚಯಿಸಿ ಕೊಂಡಳು. ಆದರೆ ಅಂತಿಮವಾಗಿ ಆಕೆ ವೇಶ್ಯಾವಾಟಿಕೆ ನಡೆಸುತ್ತಿರುವುದಾಗಿ ಒಪ್ಪಿಕೊಂಡಳು. ಆಕೆಯ ಜೊತೆಗಿದ್ದ ವ್ಯಕ್ತಿ ತಾನು ಆ ಮಹಿಳೆಯ ಪತಿ ಎಂದು ಹೇಳಿದ್ದಾನೆ. ಪೊಲೀಸರು ಕಾರ್ಯಪ್ರವೃತ್ತರಾಗಿ ಬಾಲಕಿಯನ್ನು ತಮ್ಮ ವಶಕ್ಕೆ ತೆಗೆದುಕೊಂಡು ಶೋಭಾ ಮತ್ತು ತುಳಸಿ ಕುಮಾರ್ ಇಬ್ಬರನ್ನು ಬಂಧಿಸಿದ್ದಾರೆ. ರಕ್ಷಿಸಲ್ಪಟ್ಟ ಬಾಲಕಿಯನ್ನು ಮಕ್ಕಳ ಗೃಹಕ್ಕೆ ಒಪ್ಪಿಸಲಾಗಿದೆ. ಬಾಲಕಿ 6ನೇ ತರಗತಿಯಲ್ಲಿ ಓದುತ್ತಿದ್ದಾಳೆ ಎಂದು ವರದಿಯಾಗಿದೆ. ಬಾಲಕಿಯ ಬಗ್ಗೆ ಮತ್ತು ಈ ಮಹಿಳೆಗೆ ಬಾಲಕಿ ಹೇಗೆ ಪರಿಚಯವಾದಳು ಎಂಬುದರ ಕುರಿತು ಪೊಲೀಸರು ಹೆಚ್ಚಿನ ಮಾಹಿತಿ ಸಂಗ್ರಹಿಸುತ್ತಿದ್ದಾರೆ. ಈ ಸಂಬಂಧ ವಿಜಯನಗರ ಪೊಲೀಸರು ಪ್ರಕರಣ ದಾಖಲಿಸಿಕೊಂಡಿದ್ದು, ಆರೋಪಿಗಳ ವಿರುದ್ಧ POCSO ಕಾಯ್ದೆಯಡಿ ಕ್ರಮ ತೆಗೆದುಕೊಂಡಿದ್ದೇವೆ. ದೊಡ್ಡ ಜಾಲವಿದ್ದರೆ ತನಿಖೆಯಲ್ಲಿ ಬಯಲಿಗೆಳೆಯುತ್ತೇವೆ ಎಂದು ಹೇಳಿದ್ದಾರೆ.
